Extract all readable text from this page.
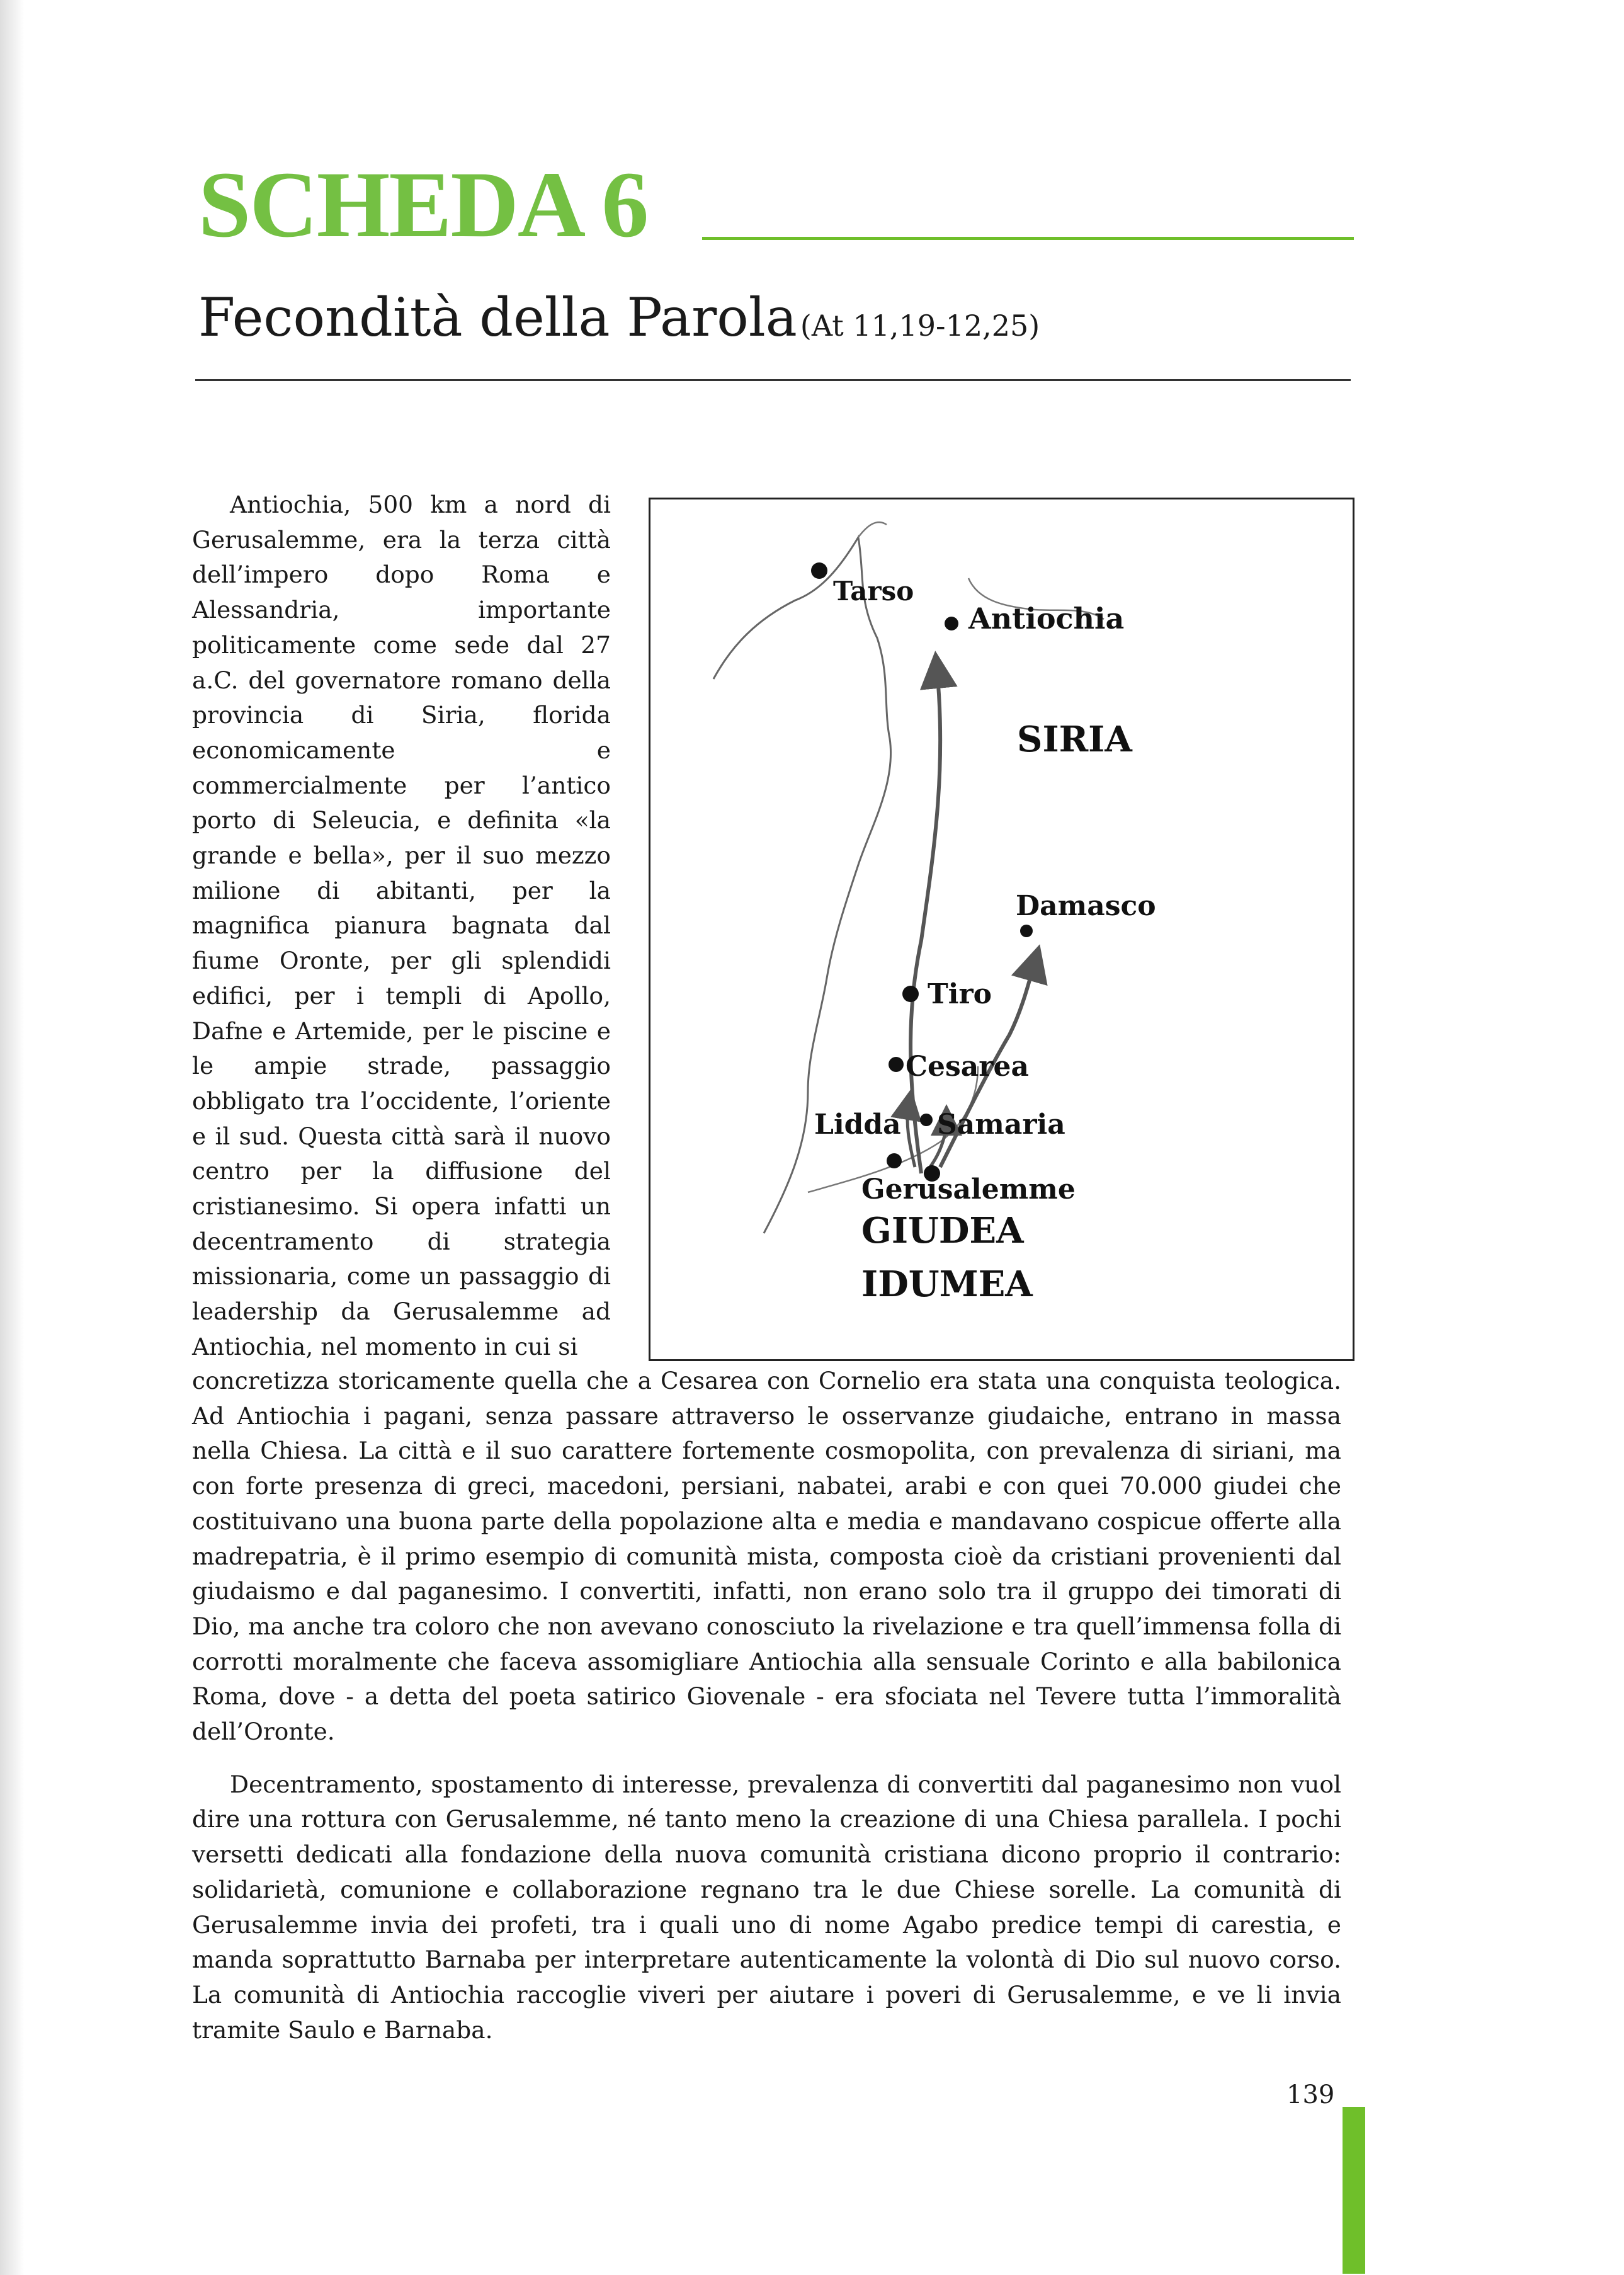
SCHEDA 6
Fecondità della Parola (At 11,19-12,25)

Antiochia, 500 km a nord di Gerusalemme, era la terza città dell’impero dopo Roma e Alessandria, importante politicamente come sede dal 27 a.C. del governatore romano della provincia di Siria, florida economicamente e commercialmente per l’antico porto di Seleucia, e definita «la grande e bella», per il suo mezzo milione di abitanti, per la magnifica pianura bagnata dal fiume Oronte, per gli splendidi edifici, per i templi di Apollo, Dafne e Artemide, per le piscine e le ampie strade, passaggio obbligato tra l’occidente, l’oriente e il sud. Questa città sarà il nuovo centro per la diffusione del cristianesimo. Si opera infatti un decentramento di strategia missionaria, come un passaggio di leadership da Gerusalemme ad Antiochia, nel momento in cui si

Tarso
Antiochia
SIRIA
Damasco
Tiro
Cesarea
Lidda Samaria
Gerusalemme
GIUDEA
IDUMEA

concretizza storicamente quella che a Cesarea con Cornelio era stata una conquista teologica. Ad Antiochia i pagani, senza passare attraverso le osservanze giudaiche, entrano in massa nella Chiesa. La città e il suo carattere fortemente cosmopolita, con prevalenza di siriani, ma con forte presenza di greci, macedoni, persiani, nabatei, arabi e con quei 70.000 giudei che costituivano una buona parte della popolazione alta e media e mandavano cospicue offerte alla madrepatria, è il primo esempio di comunità mista, composta cioè da cristiani provenienti dal giudaismo e dal paganesimo. I convertiti, infatti, non erano solo tra il gruppo dei timorati di Dio, ma anche tra coloro che non avevano conosciuto la rivelazione e tra quell’immensa folla di corrotti moralmente che faceva assomigliare Antiochia alla sensuale Corinto e alla babilonica Roma, dove - a detta del poeta satirico Giovenale - era sfociata nel Tevere tutta l’immoralità dell’Oronte.

Decentramento, spostamento di interesse, prevalenza di convertiti dal paganesimo non vuol dire una rottura con Gerusalemme, né tanto meno la creazione di una Chiesa parallela. I pochi versetti dedicati alla fondazione della nuova comunità cristiana dicono proprio il contrario: solidarietà, comunione e collaborazione regnano tra le due Chiese sorelle. La comunità di Gerusalemme invia dei profeti, tra i quali uno di nome Agabo predice tempi di carestia, e manda soprattutto Barnaba per interpretare autenticamente la volontà di Dio sul nuovo corso. La comunità di Antiochia raccoglie viveri per aiutare i poveri di Gerusalemme, e ve li invia tramite Saulo e Barnaba.

139
